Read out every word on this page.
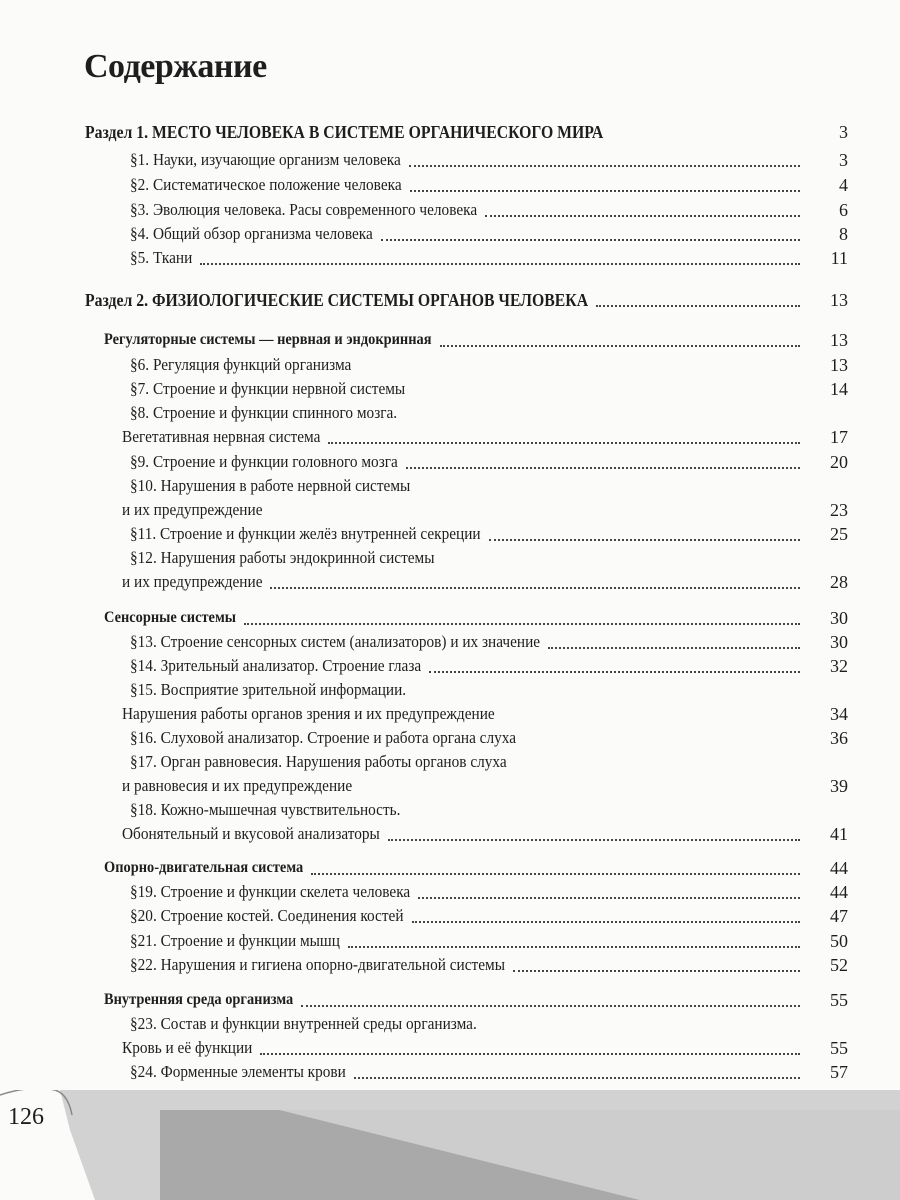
Содержание
Раздел 1. МЕСТО ЧЕЛОВЕКА В СИСТЕМЕ ОРГАНИЧЕСКОГО МИРА	3
§1. Науки, изучающие организм человека	3
§2. Систематическое положение человека	4
§3. Эволюция человека. Расы современного человека	6
§4. Общий обзор организма человека	8
§5. Ткани	11
Раздел 2. ФИЗИОЛОГИЧЕСКИЕ СИСТЕМЫ ОРГАНОВ ЧЕЛОВЕКА	13
Регуляторные системы — нервная и эндокринная	13
§6. Регуляция функций организма	13
§7. Строение и функции нервной системы	14
§8. Строение и функции спинного мозга.
Вегетативная нервная система	17
§9. Строение и функции головного мозга	20
§10. Нарушения в работе нервной системы
и их предупреждение	23
§11. Строение и функции желёз внутренней секреции	25
§12. Нарушения работы эндокринной системы
и их предупреждение	28
Сенсорные системы	30
§13. Строение сенсорных систем (анализаторов) и их значение	30
§14. Зрительный анализатор. Строение глаза	32
§15. Восприятие зрительной информации.
Нарушения работы органов зрения и их предупреждение	34
§16. Слуховой анализатор. Строение и работа органа слуха	36
§17. Орган равновесия. Нарушения работы органов слуха
и равновесия и их предупреждение	39
§18. Кожно-мышечная чувствительность.
Обонятельный и вкусовой анализаторы	41
Опорно-двигательная система	44
§19. Строение и функции скелета человека	44
§20. Строение костей. Соединения костей	47
§21. Строение и функции мышц	50
§22. Нарушения и гигиена опорно-двигательной системы	52
Внутренняя среда организма	55
§23. Состав и функции внутренней среды организма.
Кровь и её функции	55
§24. Форменные элементы крови	57
126
